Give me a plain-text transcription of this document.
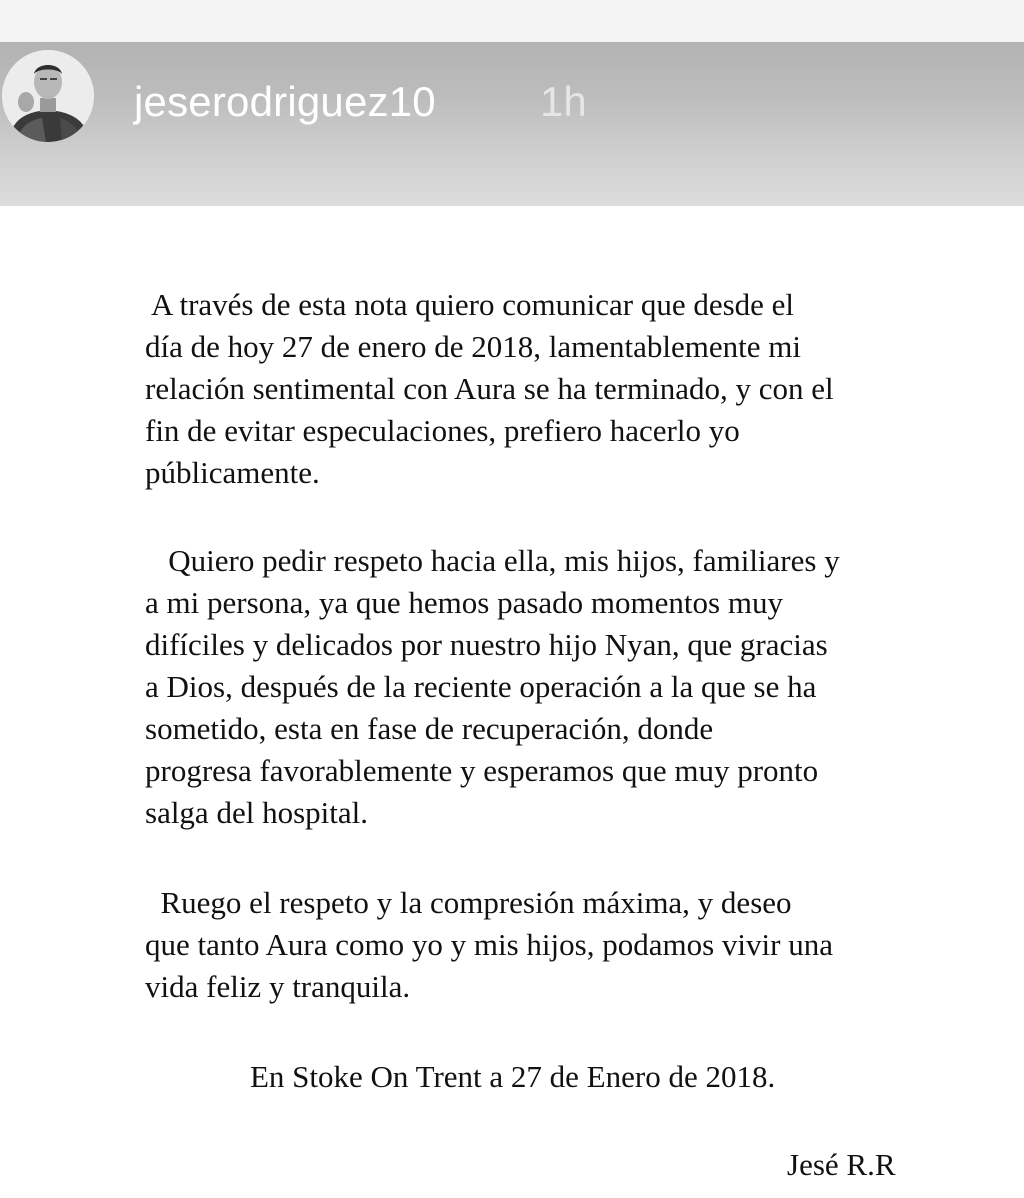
jeserodriguez10 1h

A través de esta nota quiero comunicar que desde el
día de hoy 27 de enero de 2018, lamentablemente mi
relación sentimental con Aura se ha terminado, y con el
fin de evitar especulaciones, prefiero hacerlo yo
públicamente.

Quiero pedir respeto hacia ella, mis hijos, familiares y
a mi persona, ya que hemos pasado momentos muy
difíciles y delicados por nuestro hijo Nyan, que gracias
a Dios, después de la reciente operación a la que se ha
sometido, esta en fase de recuperación, donde
progresa favorablemente y esperamos que muy pronto
salga del hospital.

Ruego el respeto y la compresión máxima, y deseo
que tanto Aura como yo y mis hijos, podamos vivir una
vida feliz y tranquila.

En Stoke On Trent a 27 de Enero de 2018.
Jesé R.R
